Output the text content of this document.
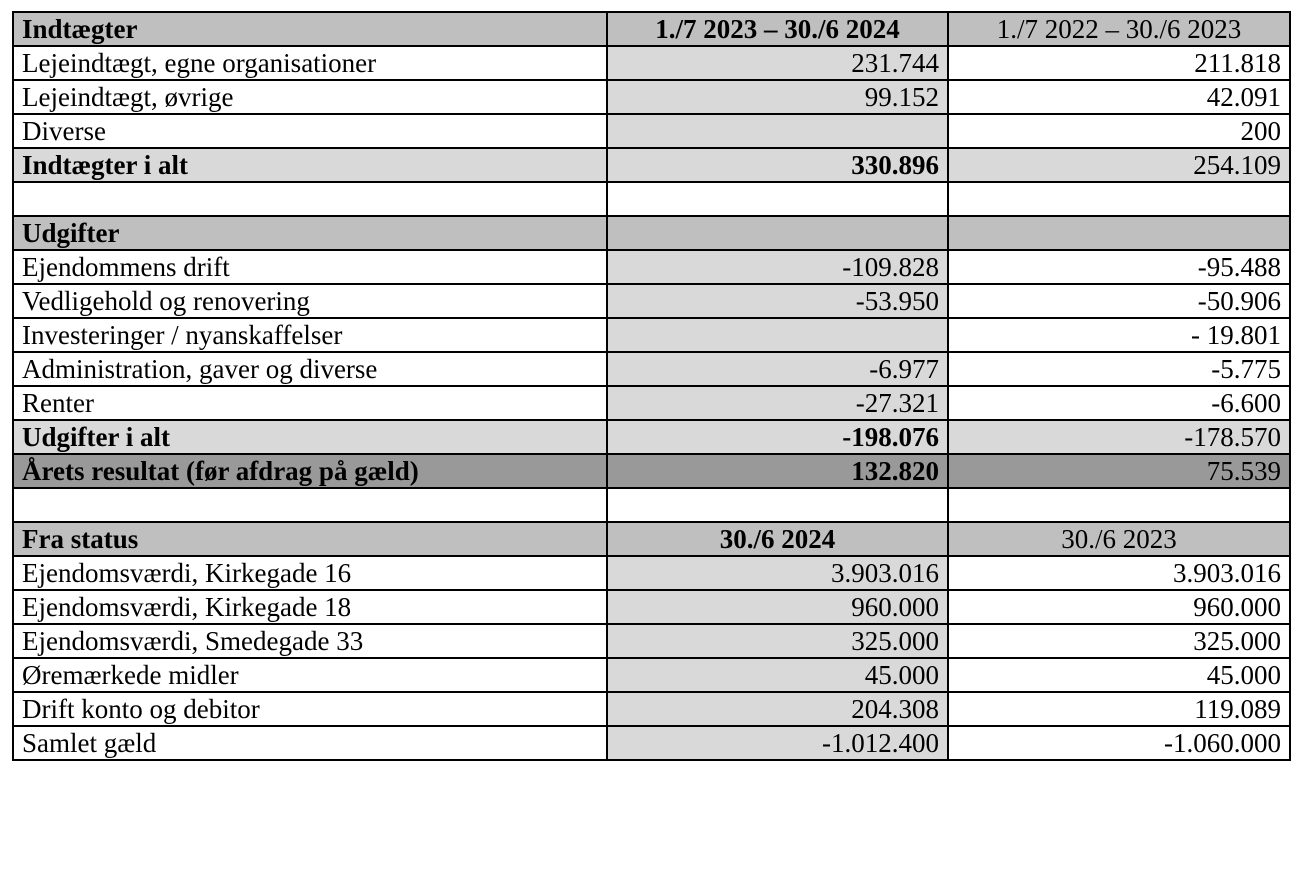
Indtægter	1./7 2023 – 30./6 2024	1./7 2022 – 30./6 2023
Lejeindtægt, egne organisationer	231.744	211.818
Lejeindtægt, øvrige	99.152	42.091
Diverse		200
Indtægter i alt	330.896	254.109

Udgifter		
Ejendommens drift	-109.828	-95.488
Vedligehold og renovering	-53.950	-50.906
Investeringer / nyanskaffelser		- 19.801
Administration, gaver og diverse	-6.977	-5.775
Renter	-27.321	-6.600
Udgifter i alt	-198.076	-178.570
Årets resultat (før afdrag på gæld)	132.820	75.539

Fra status	30./6 2024	30./6 2023
Ejendomsværdi, Kirkegade 16	3.903.016	3.903.016
Ejendomsværdi, Kirkegade 18	960.000	960.000
Ejendomsværdi, Smedegade 33	325.000	325.000
Øremærkede midler	45.000	45.000
Drift konto og debitor	204.308	119.089
Samlet gæld	-1.012.400	-1.060.000
